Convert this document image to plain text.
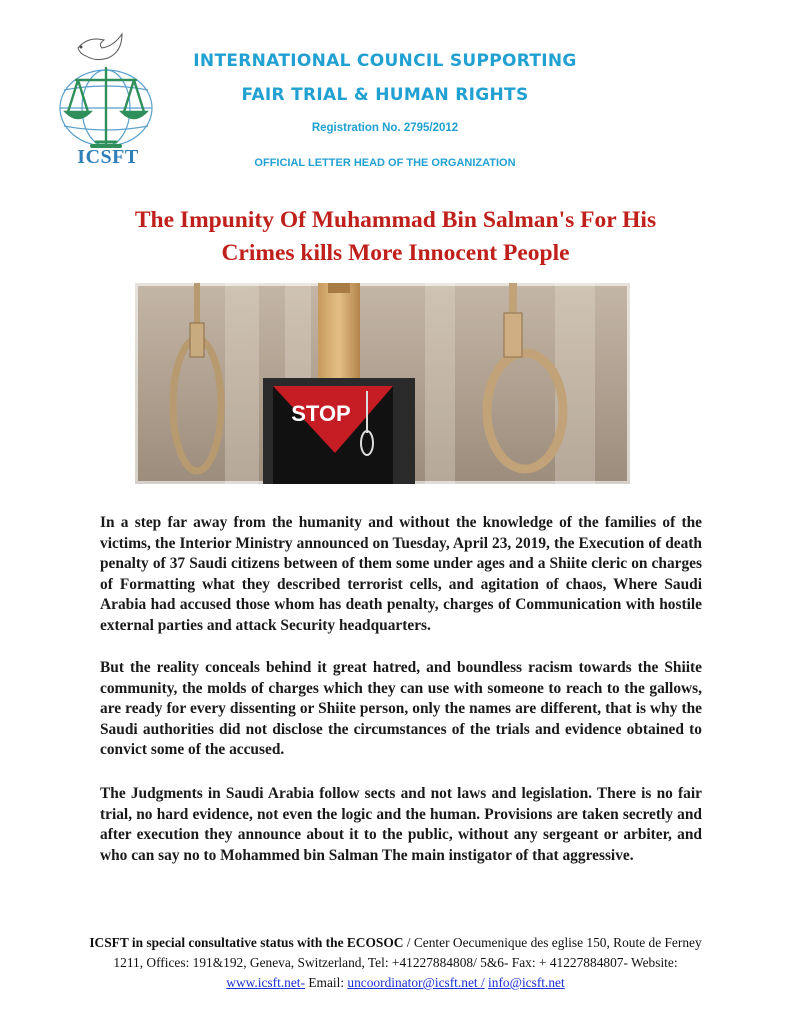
ICSFT
INTERNATIONAL COUNCIL SUPPORTING
FAIR TRIAL & HUMAN RIGHTS
Registration No. 2795/2012
OFFICIAL LETTER HEAD OF THE ORGANIZATION
The Impunity Of Muhammad Bin Salman's For His
Crimes kills More Innocent People
STOP

In a step far away from the humanity and without the knowledge of the families of the victims, the Interior Ministry announced on Tuesday, April 23, 2019, the Execution of death penalty of 37 Saudi citizens between of them some under ages and a Shiite cleric on charges of Formatting what they described terrorist cells, and agitation of chaos, Where Saudi Arabia had accused those whom has death penalty, charges of Communication with hostile external parties and attack Security headquarters.

But the reality conceals behind it great hatred, and boundless racism towards the Shiite community, the molds of charges which they can use with someone to reach to the gallows, are ready for every dissenting or Shiite person, only the names are different, that is why the Saudi authorities did not disclose the circumstances of the trials and evidence obtained to convict some of the accused.

The Judgments in Saudi Arabia follow sects and not laws and legislation. There is no fair trial, no hard evidence, not even the logic and the human. Provisions are taken secretly and after execution they announce about it to the public, without any sergeant or arbiter, and who can say no to Mohammed bin Salman The main instigator of that aggressive.

ICSFT in special consultative status with the ECOSOC / Center Oecumenique des eglise 150, Route de Ferney 1211, Offices: 191&192, Geneva, Switzerland, Tel: +41227884808/ 5&6- Fax: + 41227884807- Website: www.icsft.net- Email: uncoordinator@icsft.net / info@icsft.net
